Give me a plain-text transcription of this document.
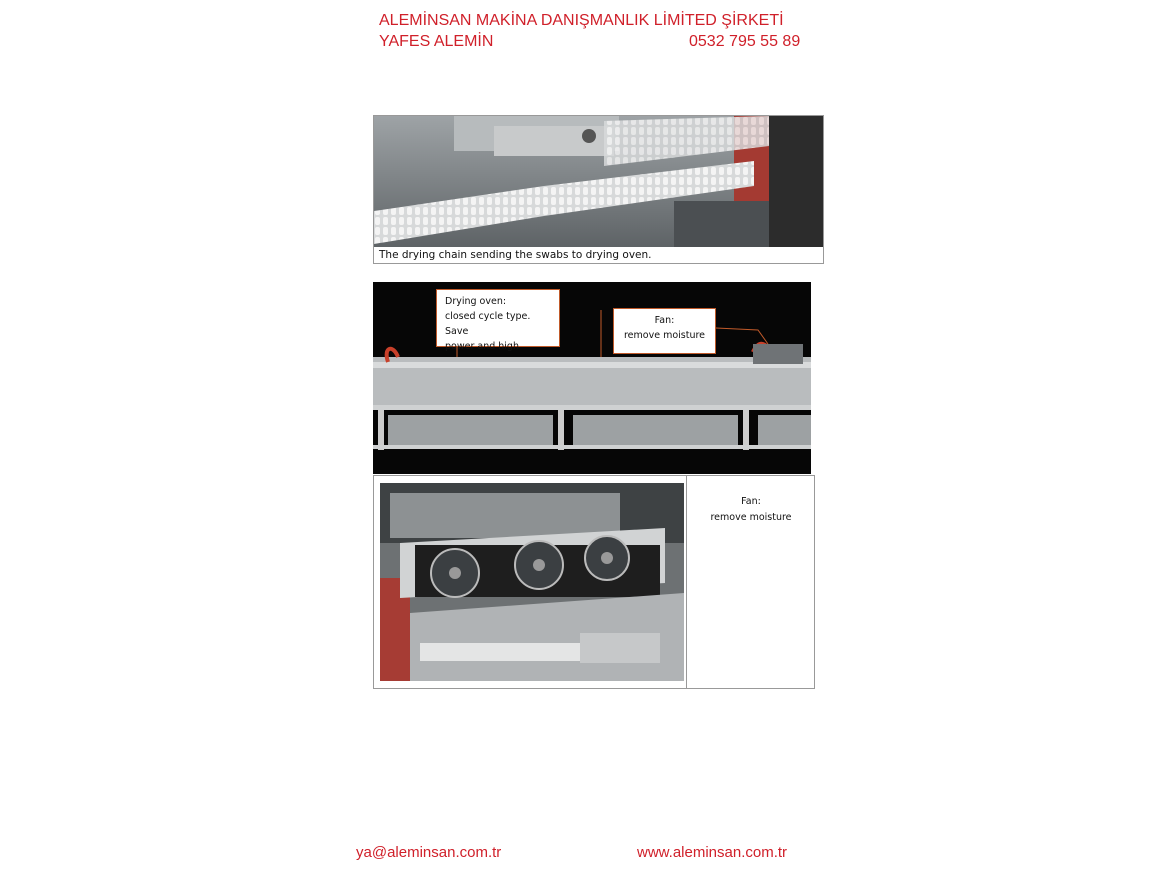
ALEMİNSAN MAKİNA DANIŞMANLIK LİMİTED ŞİRKETİ
YAFES ALEMİN	0532 795 55 89
The drying chain sending the swabs to drying oven.
Drying oven:
closed cycle type. Save
power and high
Fan:
remove moisture
Fan:
remove moisture
ya@aleminsan.com.tr	www.aleminsan.com.tr
